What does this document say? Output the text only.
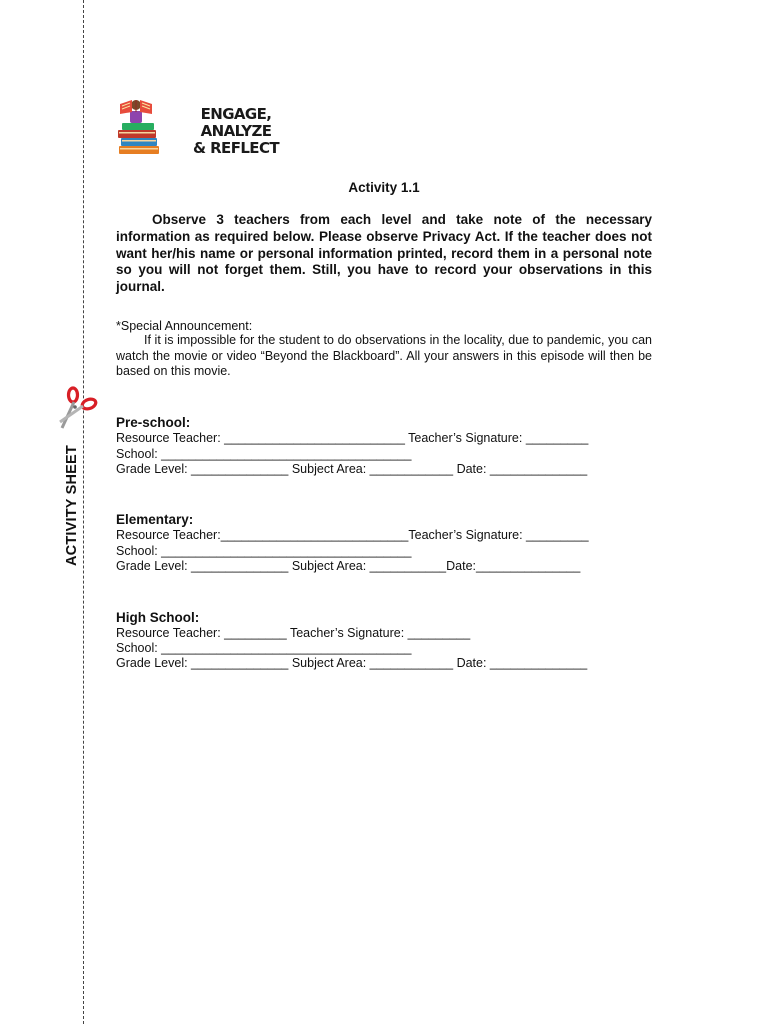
ACTIVITY SHEET
ENGAGE, ANALYZE
& REFLECT

Activity 1.1

Observe 3 teachers from each level and take note of the necessary information as required below. Please observe Privacy Act. If the teacher does not want her/his name or personal information printed, record them in a personal note so you will not forget them. Still, you have to record your observations in this journal.

*Special Announcement:

If it is impossible for the student to do observations in the locality, due to pandemic, you can watch the movie or video “Beyond the Blackboard”. All your answers in this episode will then be based on this movie.

Pre-school:

Resource Teacher: __________________________ Teacher’s Signature: _________
School: ____________________________________
Grade Level: ______________ Subject Area: ____________ Date: ______________

Elementary:

Resource Teacher:___________________________Teacher’s Signature: _________
School: ____________________________________
Grade Level: ______________ Subject Area: ___________Date:_______________

High School:

Resource Teacher: _________ Teacher’s Signature: _________
School: ____________________________________
Grade Level: ______________ Subject Area: ____________ Date: ______________
